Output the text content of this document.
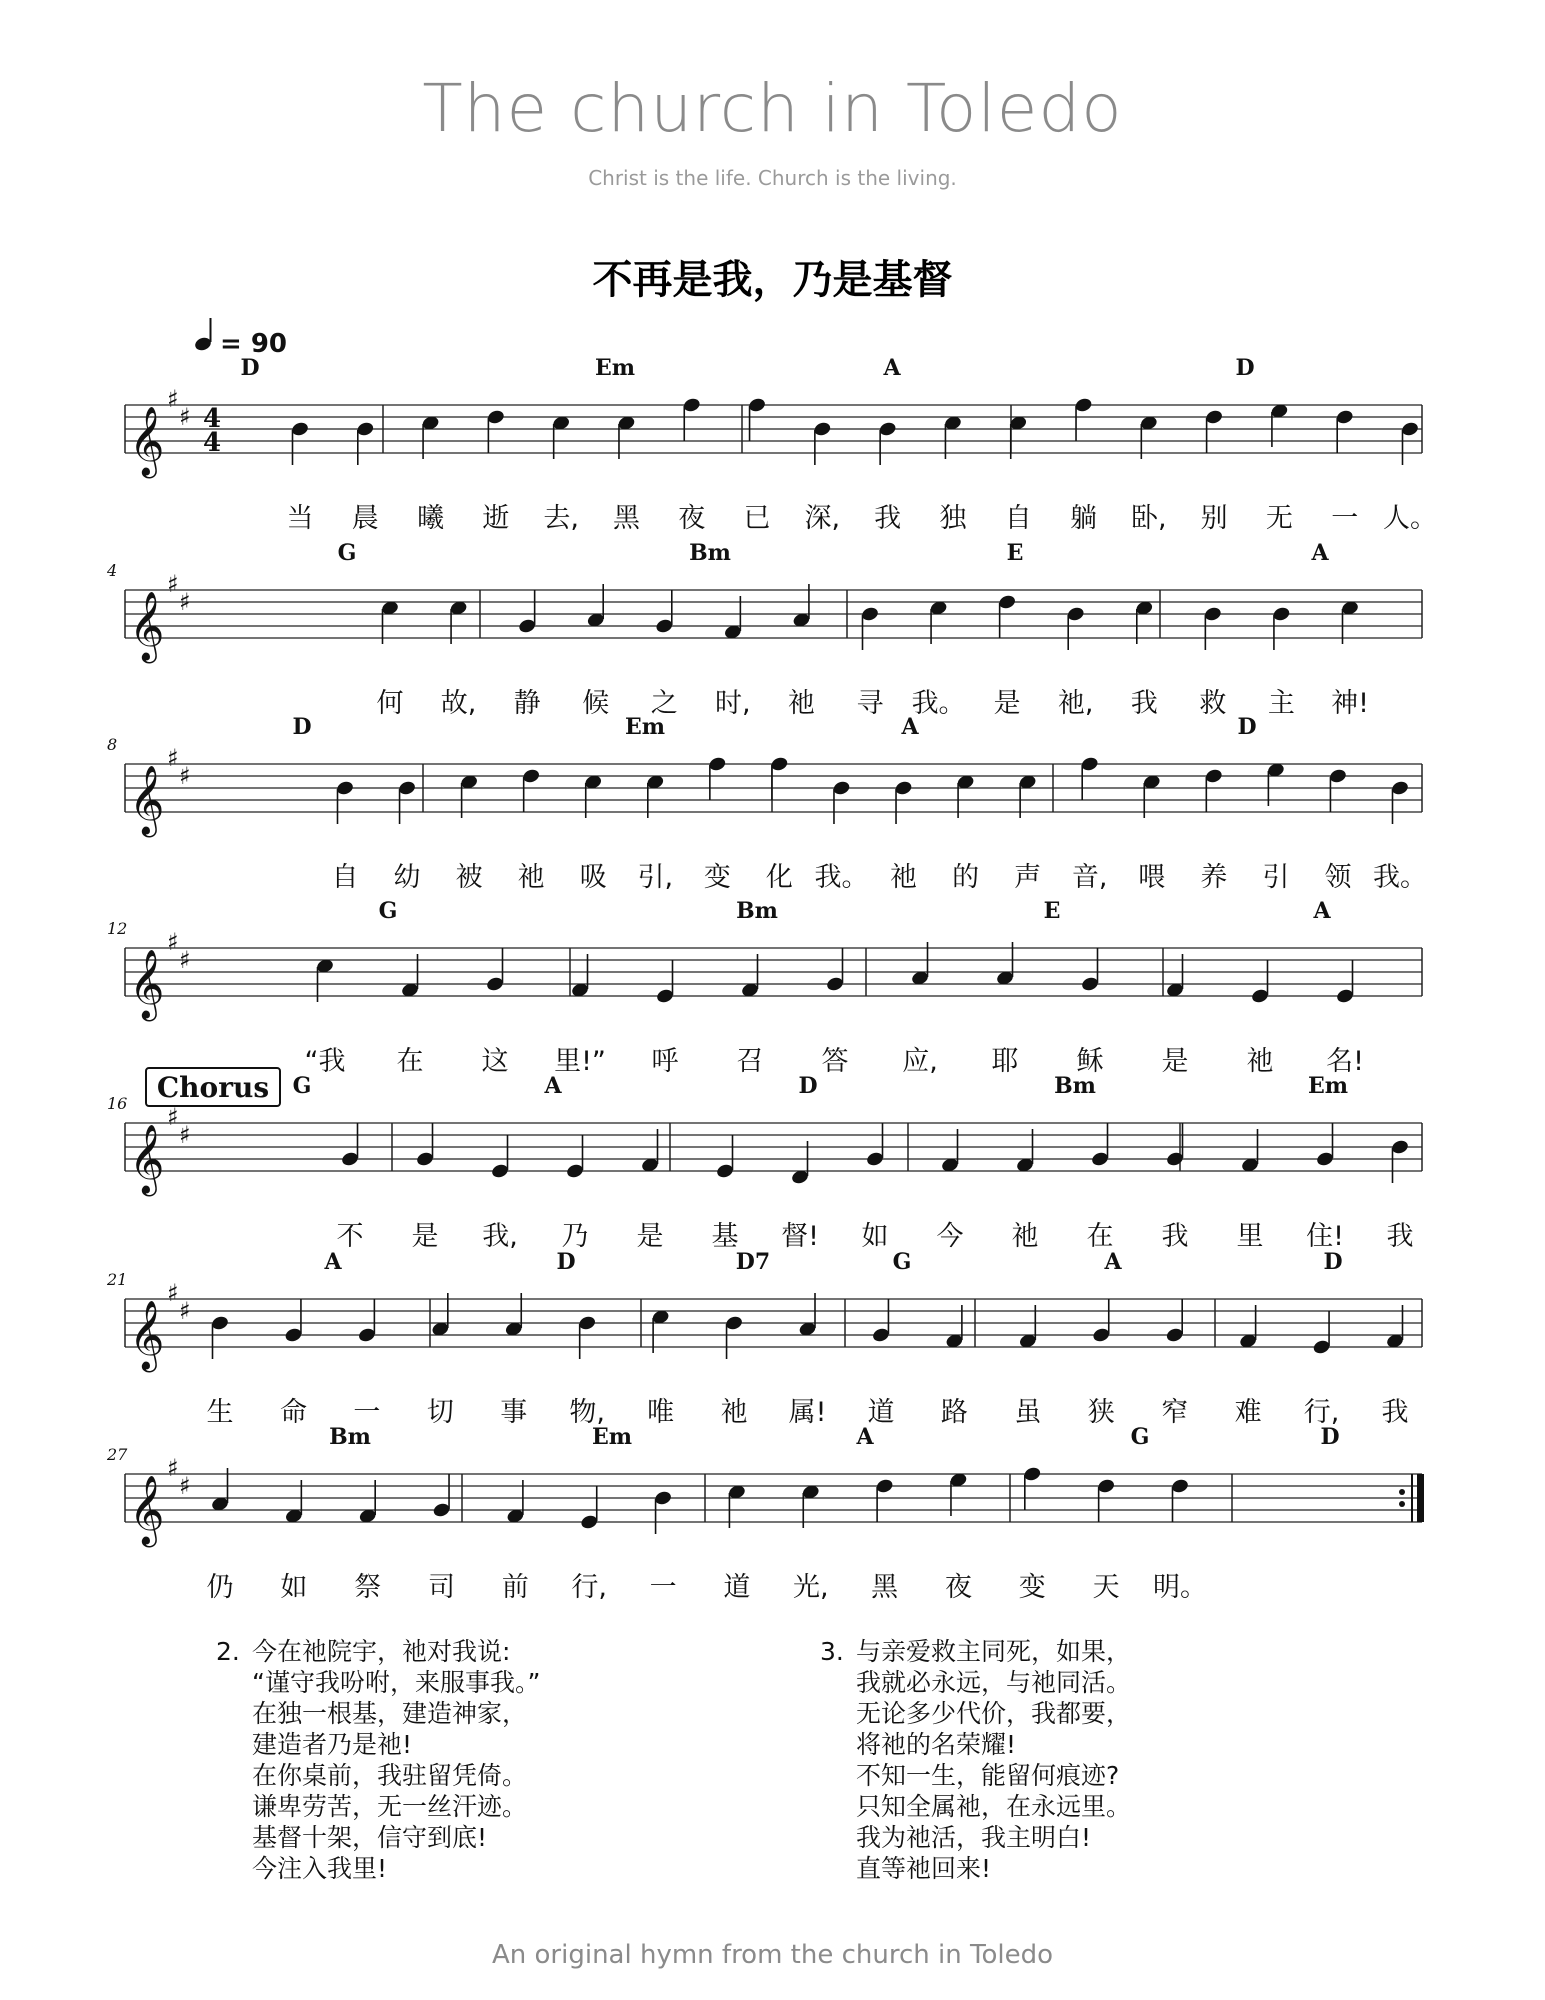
The church in Toledo
Christ is the life. Church is the living.
不再是我，乃是基督
= 90
𝄞
♯
♯ 4
4
D	Em	A	D
当 晨 曦 逝 去, 黑 夜 已 深, 我 独 自 躺 卧, 别 无 一 人。
𝄞
♯
♯
4
G	Bm	E	A
何 故, 静 候 之 时, 祂 寻 我。 是 祂, 我 救 主 神!
𝄞
♯
♯
8
D	Em	A	D
自 幼 被 祂 吸 引, 变 化 我。 祂 的 声 音, 喂 养 引 领 我。
𝄞
♯
♯
12
G	Bm	E	A
“我 在 这 里!” 呼 召 答 应, 耶 稣 是 祂 名!
𝄞
♯
♯
16 Chorus G	A	D	Bm	Em
不 是 我, 乃 是 基 督! 如 今 祂 在 我 里 住! 我
𝄞
♯
♯
21
A	D	D7	G	A	D
生 命 一 切 事 物, 唯 祂 属! 道 路 虽 狭 窄 难 行, 我
𝄞
♯
♯
27
Bm	Em	A	G	D
仍 如 祭 司 前 行, 一 道 光, 黑 夜 变 天 明。
2. 今在祂院宇，祂对我说:
“谨守我吩咐，来服事我。”
在独一根基，建造神家，
建造者乃是祂!
在你桌前，我驻留凭倚。
谦卑劳苦，无一丝汗迹。
基督十架，信守到底!
今注入我里!
3. 与亲爱救主同死，如果，
我就必永远，与祂同活。
无论多少代价，我都要，
将祂的名荣耀!
不知一生，能留何痕迹?
只知全属祂，在永远里。
我为祂活，我主明白!
直等祂回来!
An original hymn from the church in Toledo
